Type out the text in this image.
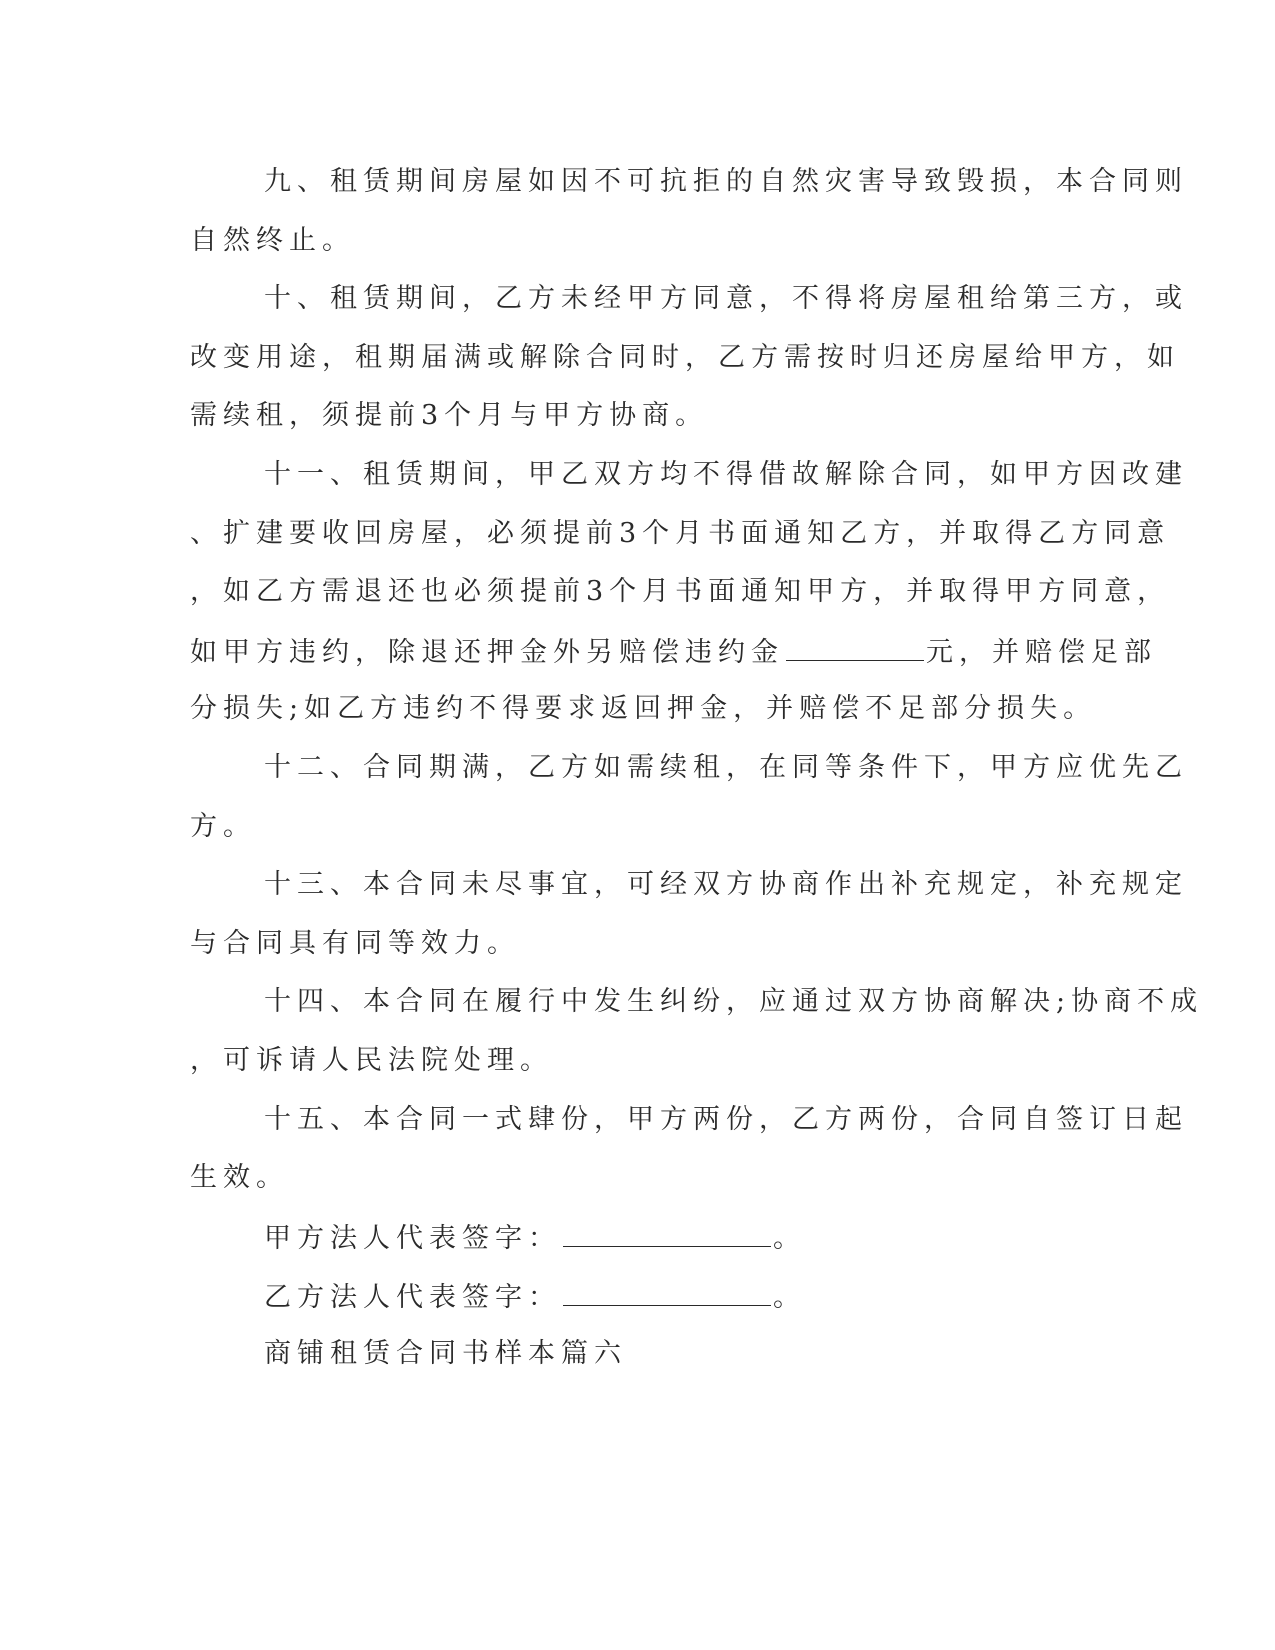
九、租赁期间房屋如因不可抗拒的自然灾害导致毁损，本合同则
自然终止。
十、租赁期间，乙方未经甲方同意，不得将房屋租给第三方，或
改变用途，租期届满或解除合同时，乙方需按时归还房屋给甲方，如
需续租，须提前3个月与甲方协商。
十一、租赁期间，甲乙双方均不得借故解除合同，如甲方因改建
、扩建要收回房屋，必须提前3个月书面通知乙方，并取得乙方同意
，如乙方需退还也必须提前3个月书面通知甲方，并取得甲方同意，
如甲方违约，除退还押金外另赔偿违约金	元，并赔偿足部
分损失;如乙方违约不得要求返回押金，并赔偿不足部分损失。
十二、合同期满，乙方如需续租，在同等条件下，甲方应优先乙
方。
十三、本合同未尽事宜，可经双方协商作出补充规定，补充规定
与合同具有同等效力。
十四、本合同在履行中发生纠纷，应通过双方协商解决;协商不成
，可诉请人民法院处理。
十五、本合同一式肆份，甲方两份，乙方两份，合同自签订日起
生效。
甲方法人代表签字：	。
乙方法人代表签字：	。
商铺租赁合同书样本篇六
